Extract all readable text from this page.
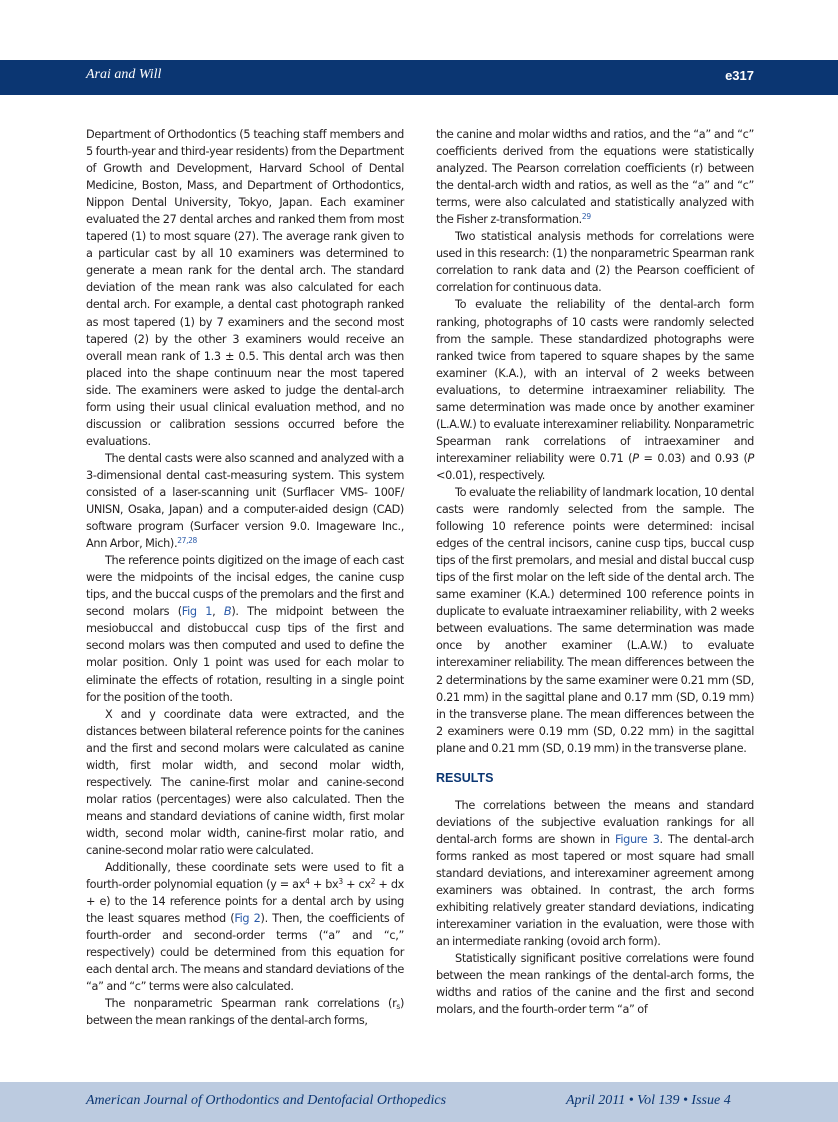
Arai and Will	e317

Department of Orthodontics (5 teaching staff members and 5 fourth-year and third-year residents) from the Department of Growth and Development, Harvard School of Dental Medicine, Boston, Mass, and Department of Orthodontics, Nippon Dental University, Tokyo, Japan. Each examiner evaluated the 27 dental arches and ranked them from most tapered (1) to most square (27). The average rank given to a particular cast by all 10 examiners was determined to generate a mean rank for the dental arch. The standard deviation of the mean rank was also calculated for each dental arch. For example, a dental cast photograph ranked as most tapered (1) by 7 examiners and the second most tapered (2) by the other 3 examiners would receive an overall mean rank of 1.3 ± 0.5. This dental arch was then placed into the shape continuum near the most tapered side. The examiners were asked to judge the dental-arch form using their usual clinical evaluation method, and no discussion or calibration sessions occurred before the evaluations.

The dental casts were also scanned and analyzed with a 3-dimensional dental cast-measuring system. This system consisted of a laser-scanning unit (Surflacer VMS- 100F/ UNISN, Osaka, Japan) and a computer-aided design (CAD) software program (Surfacer version 9.0. Imageware Inc., Ann Arbor, Mich).$^{27,28}$

The reference points digitized on the image of each cast were the midpoints of the incisal edges, the canine cusp tips, and the buccal cusps of the premolars and the first and second molars (Fig 1, B). The midpoint between the mesiobuccal and distobuccal cusp tips of the first and second molars was then computed and used to define the molar position. Only 1 point was used for each molar to eliminate the effects of rotation, resulting in a single point for the position of the tooth.

X and y coordinate data were extracted, and the distances between bilateral reference points for the canines and the first and second molars were calculated as canine width, first molar width, and second molar width, respectively. The canine-first molar and canine-second molar ratios (percentages) were also calculated. Then the means and standard deviations of canine width, first molar width, second molar width, canine-first molar ratio, and canine-second molar ratio were calculated.

Additionally, these coordinate sets were used to fit a fourth-order polynomial equation ($y = ax^4 + bx^3 + cx^2$ + dx + e) to the 14 reference points for a dental arch by using the least squares method (Fig 2). Then, the coefficients of fourth-order and second-order terms (“a” and “c,” respectively) could be determined from this equation for each dental arch. The means and standard deviations of the “a” and “c” terms were also calculated.

The nonparametric Spearman rank correlations $(r_s)$ between the mean rankings of the dental-arch forms,

the canine and molar widths and ratios, and the “a” and “c” coefficients derived from the equations were statistically analyzed. The Pearson correlation coefficients (r) between the dental-arch width and ratios, as well as the “a” and “c” terms, were also calculated and statistically analyzed with the Fisher z-transformation.$^{29}$

Two statistical analysis methods for correlations were used in this research: (1) the nonparametric Spearman rank correlation to rank data and (2) the Pearson coefficient of correlation for continuous data.

To evaluate the reliability of the dental-arch form ranking, photographs of 10 casts were randomly selected from the sample. These standardized photographs were ranked twice from tapered to square shapes by the same examiner (K.A.), with an interval of 2 weeks between evaluations, to determine intraexaminer reliability. The same determination was made once by another examiner (L.A.W.) to evaluate interexaminer reliability. Nonparametric Spearman rank correlations of intraexaminer and interexaminer reliability were 0.71 (P = 0.03) and 0.93 (P <0.01), respectively.

To evaluate the reliability of landmark location, 10 dental casts were randomly selected from the sample. The following 10 reference points were determined: incisal edges of the central incisors, canine cusp tips, buccal cusp tips of the first premolars, and mesial and distal buccal cusp tips of the first molar on the left side of the dental arch. The same examiner (K.A.) determined 100 reference points in duplicate to evaluate intraexaminer reliability, with 2 weeks between evaluations. The same determination was made once by another examiner (L.A.W.) to evaluate interexaminer reliability. The mean differences between the 2 determinations by the same examiner were 0.21 mm (SD, 0.21 mm) in the sagittal plane and 0.17 mm (SD, 0.19 mm) in the transverse plane. The mean differences between the 2 examiners were 0.19 mm (SD, 0.22 mm) in the sagittal plane and 0.21 mm (SD, 0.19 mm) in the transverse plane.

RESULTS

The correlations between the means and standard deviations of the subjective evaluation rankings for all dental-arch forms are shown in Figure 3. The dental-arch forms ranked as most tapered or most square had small standard deviations, and interexaminer agreement among examiners was obtained. In contrast, the arch forms exhibiting relatively greater standard deviations, indicating interexaminer variation in the evaluation, were those with an intermediate ranking (ovoid arch form).

Statistically significant positive correlations were found between the mean rankings of the dental-arch forms, the widths and ratios of the canine and the first and second molars, and the fourth-order term “a” of

American Journal of Orthodontics and Dentofacial Orthopedics	April 2011 • Vol 139 • Issue 4
